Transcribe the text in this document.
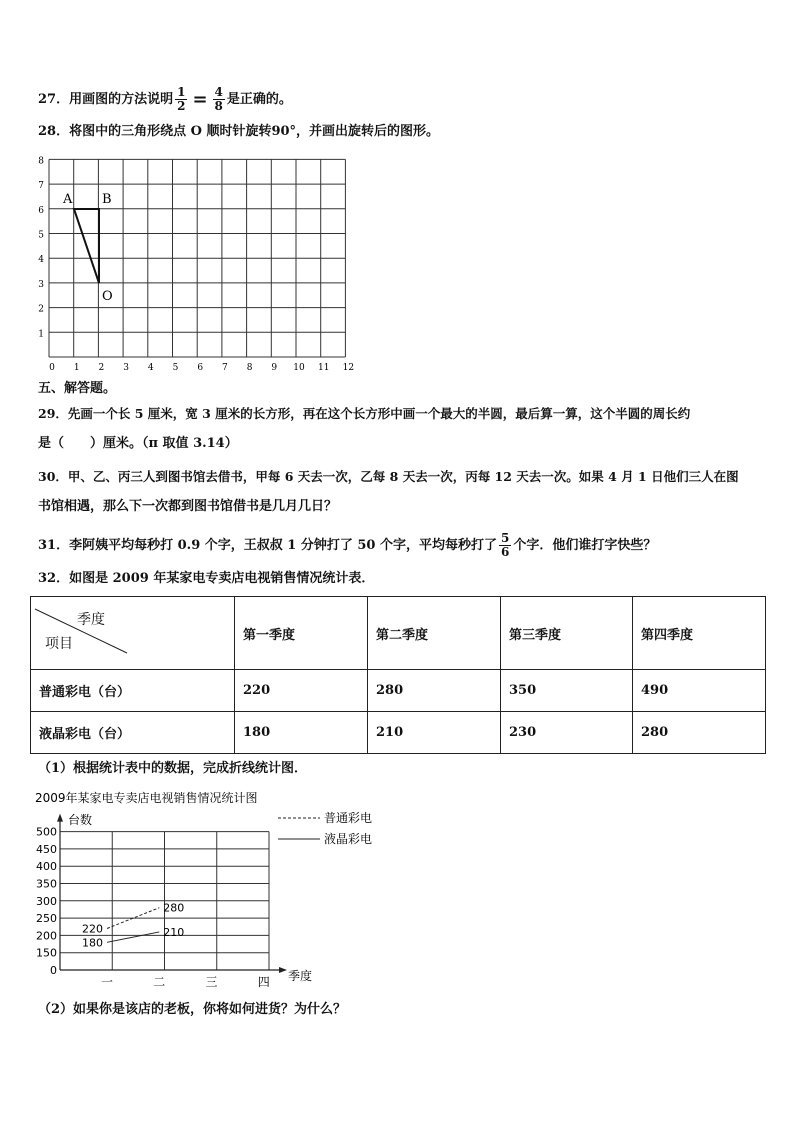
27．用画图的方法说明 $\frac{1}{2} = \frac{4}{8}$ 是正确的。
28．将图中的三角形绕点 O 顺时针旋转90°，并画出旋转后的图形。
0 1 2 3 4 5 6 7 8 9 10 11 12
1
2
3
4
5
6
7
8
A B
O
五、解答题。
29．先画一个长 5 厘米，宽 3 厘米的长方形，再在这个长方形中画一个最大的半圆，最后算一算，这个半圆的周长约
是（　　）厘米。（π 取值 3.14）
30．甲、乙、丙三人到图书馆去借书，甲每 6 天去一次，乙每 8 天去一次，丙每 12 天去一次。如果 4 月 1 日他们三人在图
书馆相遇，那么下一次都到图书馆借书是几月几日？
31．李阿姨平均每秒打 0.9 个字，王叔叔 1 分钟打了 50 个字，平均每秒打了 $\frac{5}{6}$ 个字．他们谁打字快些？
32．如图是 2009 年某家电专卖店电视销售情况统计表．
季度
项目	第一季度	第二季度	第三季度	第四季度
普通彩电（台）	220	280	350	490
液晶彩电（台）	180	210	230	280
（1）根据统计表中的数据，完成折线统计图．
2009年某家电专卖店电视销售情况统计图
台数
季度
0
150
200
250
300
350
400
450
500
一	二	三	四
220
280
180
210
普通彩电
液晶彩电
（2）如果你是该店的老板，你将如何进货？为什么？
